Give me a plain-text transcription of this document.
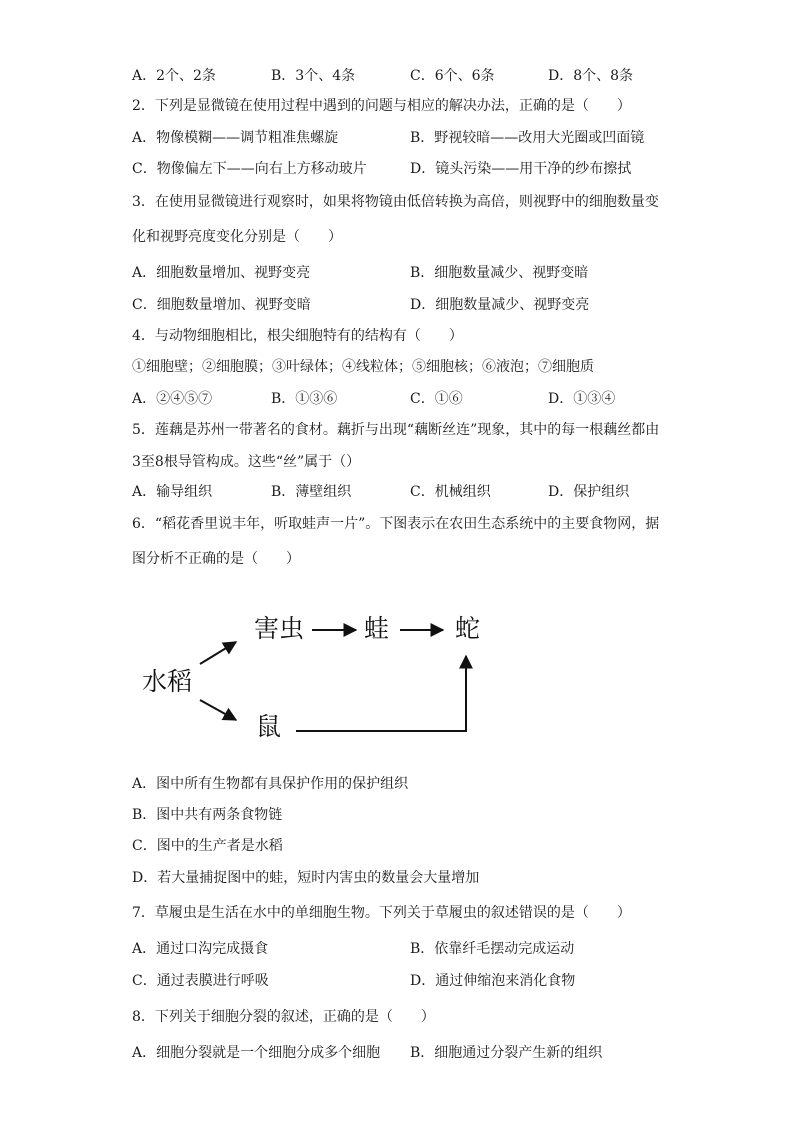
A．2个、2条	B．3个、4条	C．6个、6条	D．8个、8条
2．下列是显微镜在使用过程中遇到的问题与相应的解决办法，正确的是（　　）
A．物像模糊——调节粗准焦螺旋	B．野视较暗——改用大光圈或凹面镜
C．物像偏左下——向右上方移动玻片	D．镜头污染——用干净的纱布擦拭
3．在使用显微镜进行观察时，如果将物镜由低倍转换为高倍，则视野中的细胞数量变
化和视野亮度变化分别是（　　）
A．细胞数量增加、视野变亮	B．细胞数量减少、视野变暗
C．细胞数量增加、视野变暗	D．细胞数量减少、视野变亮
4．与动物细胞相比，根尖细胞特有的结构有（　　）
①细胞壁；②细胞膜；③叶绿体；④线粒体；⑤细胞核；⑥液泡；⑦细胞质
A．②④⑤⑦	B．①③⑥	C．①⑥	D．①③④
5．莲藕是苏州一带著名的食材。藕折与出现“藕断丝连”现象，其中的每一根藕丝都由
3至8根导管构成。这些“丝”属于（）
A．输导组织	B．薄壁组织	C．机械组织	D．保护组织
6．“稻花香里说丰年，听取蛙声一片”。下图表示在农田生态系统中的主要食物网，据
图分析不正确的是（　　）
水稻
害虫 蛙	蛇
鼠
A．图中所有生物都有具保护作用的保护组织
B．图中共有两条食物链
C．图中的生产者是水稻
D．若大量捕捉图中的蛙，短时内害虫的数量会大量增加
7．草履虫是生活在水中的单细胞生物。下列关于草履虫的叙述错误的是（　　）
A．通过口沟完成摄食	B．依靠纤毛摆动完成运动
C．通过表膜进行呼吸	D．通过伸缩泡来消化食物
8．下列关于细胞分裂的叙述，正确的是（　　）
A．细胞分裂就是一个细胞分成多个细胞 B．细胞通过分裂产生新的组织
